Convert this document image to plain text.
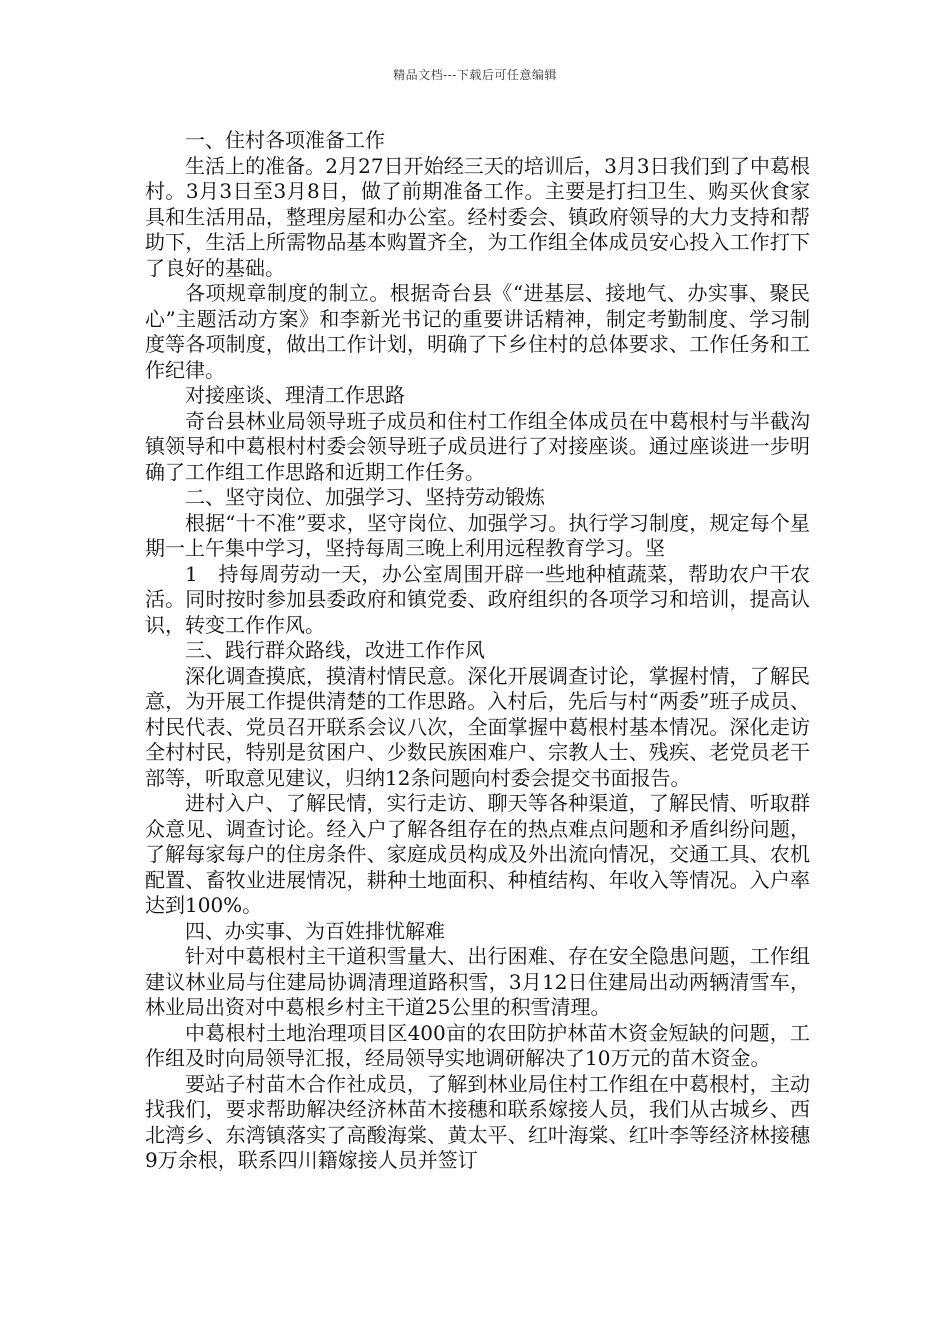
精品文档---下载后可任意编辑

一、住村各项准备工作

生活上的准备。2月27日开始经三天的培训后，3月3日我们到了中葛根村。3月3日至3月8日，做了前期准备工作。主要是打扫卫生、购买伙食家具和生活用品，整理房屋和办公室。经村委会、镇政府领导的大力支持和帮助下，生活上所需物品基本购置齐全，为工作组全体成员安心投入工作打下了良好的基础。

各项规章制度的制立。根据奇台县《“进基层、接地气、办实事、聚民心”主题活动方案》和李新光书记的重要讲话精神，制定考勤制度、学习制度等各项制度，做出工作计划，明确了下乡住村的总体要求、工作任务和工作纪律。

对接座谈、理清工作思路

奇台县林业局领导班子成员和住村工作组全体成员在中葛根村与半截沟镇领导和中葛根村村委会领导班子成员进行了对接座谈。通过座谈进一步明确了工作组工作思路和近期工作任务。

二、坚守岗位、加强学习、坚持劳动锻炼

根据“十不准”要求，坚守岗位、加强学习。执行学习制度，规定每个星期一上午集中学习，坚持每周三晚上利用远程教育学习。坚

1　持每周劳动一天，办公室周围开辟一些地种植蔬菜，帮助农户干农活。同时按时参加县委政府和镇党委、政府组织的各项学习和培训，提高认识，转变工作作风。

三、践行群众路线，改进工作作风

深化调查摸底，摸清村情民意。深化开展调查讨论，掌握村情，了解民意，为开展工作提供清楚的工作思路。入村后，先后与村“两委”班子成员、村民代表、党员召开联系会议八次，全面掌握中葛根村基本情况。深化走访全村村民，特别是贫困户、少数民族困难户、宗教人士、残疾、老党员老干部等，听取意见建议，归纳12条问题向村委会提交书面报告。

进村入户、了解民情，实行走访、聊天等各种渠道，了解民情、听取群众意见、调查讨论。经入户了解各组存在的热点难点问题和矛盾纠纷问题，了解每家每户的住房条件、家庭成员构成及外出流向情况，交通工具、农机配置、畜牧业进展情况，耕种土地面积、种植结构、年收入等情况。入户率达到100%。

四、办实事、为百姓排忧解难

针对中葛根村主干道积雪量大、出行困难、存在安全隐患问题，工作组建议林业局与住建局协调清理道路积雪，3月12日住建局出动两辆清雪车，林业局出资对中葛根乡村主干道25公里的积雪清理。

中葛根村土地治理项目区400亩的农田防护林苗木资金短缺的问题，工作组及时向局领导汇报，经局领导实地调研解决了10万元的苗木资金。

要站子村苗木合作社成员，了解到林业局住村工作组在中葛根村，主动找我们，要求帮助解决经济林苗木接穗和联系嫁接人员，我们从古城乡、西北湾乡、东湾镇落实了高酸海棠、黄太平、红叶海棠、红叶李等经济林接穗9万余根，联系四川籍嫁接人员并签订
